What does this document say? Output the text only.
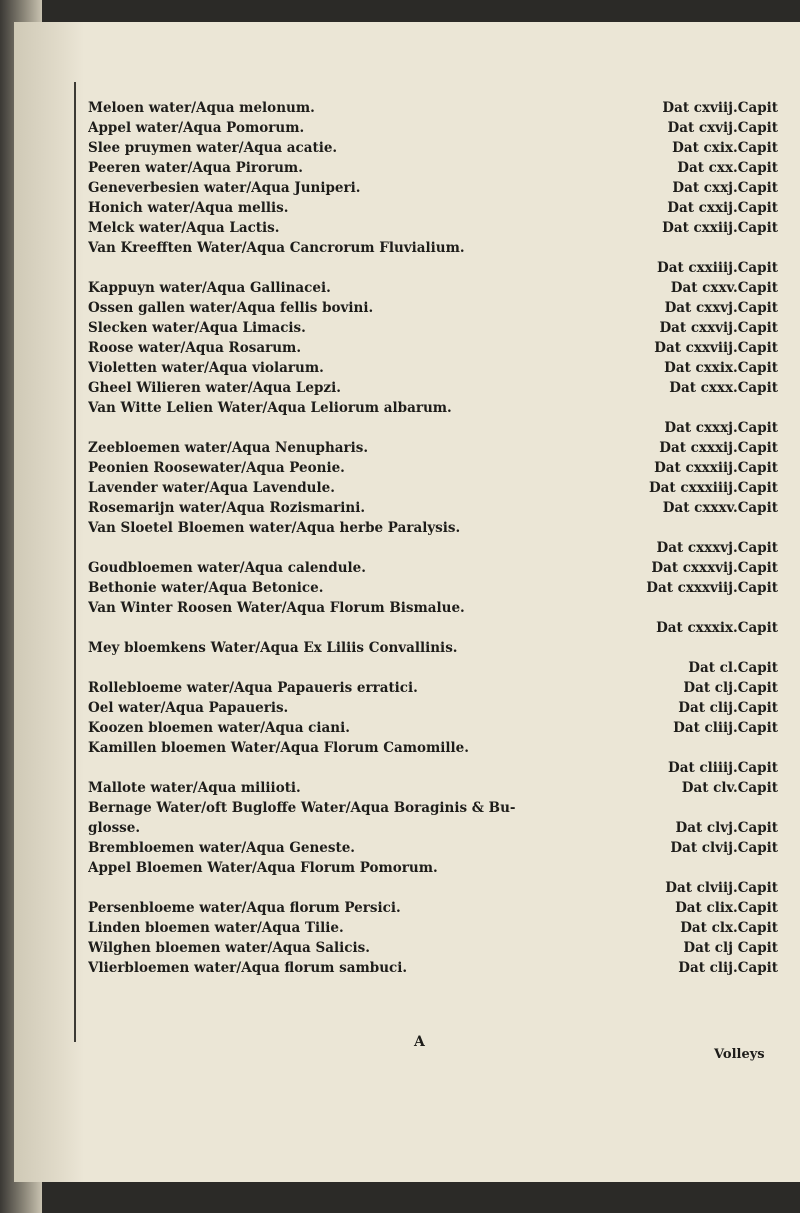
Meloen water/Aqua melonum.	Dat cxviij.Capit
Appel water/Aqua Pomorum.	Dat cxvij.Capit
Slee pruymen water/Aqua acatie.	Dat cxix.Capit
Peeren water/Aqua Pirorum.	Dat cxx.Capit
Geneverbesien water/Aqua Juniperi.	Dat cxxj.Capit
Honich water/Aqua mellis.	Dat cxxij.Capit
Melck water/Aqua Lactis.	Dat cxxiij.Capit
Van Kreefften Water/Aqua Cancrorum Fluvialium.
Dat cxxiiij.Capit
Kappuyn water/Aqua Gallinacei.	Dat cxxv.Capit
Ossen gallen water/Aqua fellis bovini.	Dat cxxvj.Capit
Slecken water/Aqua Limacis.	Dat cxxvij.Capit
Roose water/Aqua Rosarum.	Dat cxxviij.Capit
Violetten water/Aqua violarum.	Dat cxxix.Capit
Gheel Wilieren water/Aqua Lepzi.	Dat cxxx.Capit
Van Witte Lelien Water/Aqua Leliorum albarum.
Dat cxxxj.Capit
Zeebloemen water/Aqua Nenupharis.	Dat cxxxij.Capit
Peonien Roosewater/Aqua Peonie.	Dat cxxxiij.Capit
Lavender water/Aqua Lavendule.	Dat cxxxiiij.Capit
Rosemarijn water/Aqua Rozismarini.	Dat cxxxv.Capit
Van Sloetel Bloemen water/Aqua herbe Paralysis.
Dat cxxxvj.Capit
Goudbloemen water/Aqua calendule.	Dat cxxxvij.Capit
Bethonie water/Aqua Betonice.	Dat cxxxviij.Capit
Van Winter Roosen Water/Aqua Florum Bismalue.
Dat cxxxix.Capit
Mey bloemkens Water/Aqua Ex Liliis Convallinis.
Dat cl.Capit
Rollebloeme water/Aqua Papaueris erratici.	Dat clj.Capit
Oel water/Aqua Papaueris.	Dat clij.Capit
Koozen bloemen water/Aqua ciani.	Dat cliij.Capit
Kamillen bloemen Water/Aqua Florum Camomille.
Dat cliiij.Capit
Mallote water/Aqua miliioti.	Dat clv.Capit
Bernage Water/oft Bugloffe Water/Aqua Boraginis & Bu-
glosse.	Dat clvj.Capit
Brembloemen water/Aqua Geneste.	Dat clvij.Capit
Appel Bloemen Water/Aqua Florum Pomorum.
Dat clviij.Capit
Persenbloeme water/Aqua florum Persici.	Dat clix.Capit
Linden bloemen water/Aqua Tilie.	Dat clx.Capit
Wilghen bloemen water/Aqua Salicis.	Dat clj Capit
Vlierbloemen water/Aqua florum sambuci.	Dat clij.Capit
A
Volleys
